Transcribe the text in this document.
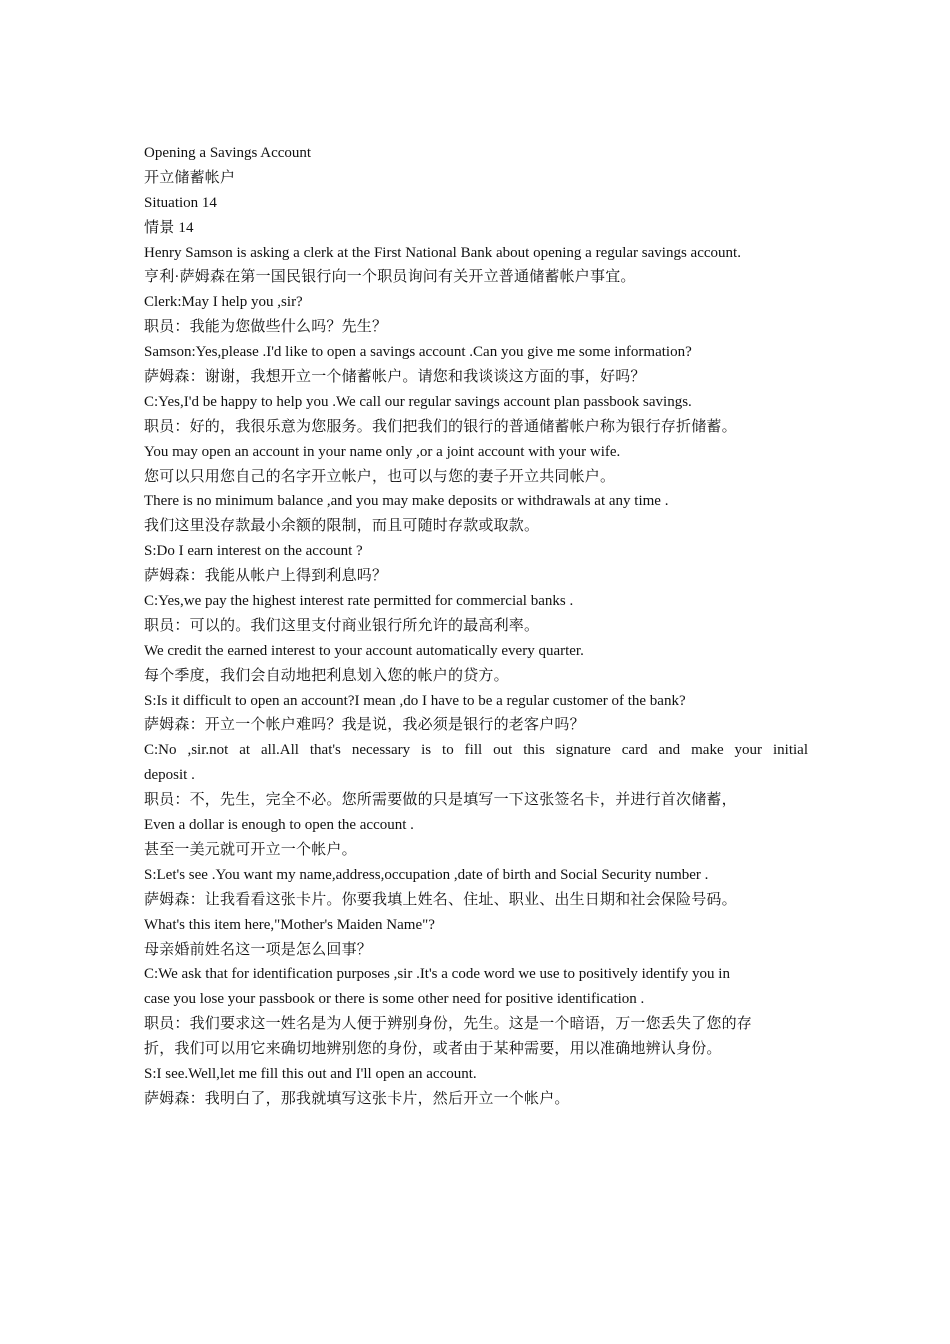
Opening a Savings Account
开立储蓄帐户
Situation 14
情景 14
Henry Samson is asking a clerk at the First National Bank about opening a regular savings account.
亨利·萨姆森在第一国民银行向一个职员询问有关开立普通储蓄帐户事宜。
Clerk:May I help you ,sir?
职员：我能为您做些什么吗？先生？
Samson:Yes,please .I'd like to open a savings account .Can you give me some information?
萨姆森：谢谢，我想开立一个储蓄帐户。请您和我谈谈这方面的事，好吗？
C:Yes,I'd be happy to help you .We call our regular savings account plan passbook savings.
职员：好的，我很乐意为您服务。我们把我们的银行的普通储蓄帐户称为银行存折储蓄。
You may open an account in your name only ,or a joint account with your wife.
您可以只用您自己的名字开立帐户，也可以与您的妻子开立共同帐户。
There is no minimum balance ,and you may make deposits or withdrawals at any time .
我们这里没存款最小余额的限制，而且可随时存款或取款。
S:Do I earn interest on the account ?
萨姆森：我能从帐户上得到利息吗？
C:Yes,we pay the highest interest rate permitted for commercial banks .
职员：可以的。我们这里支付商业银行所允许的最高利率。
We credit the earned interest to your account automatically every quarter.
每个季度，我们会自动地把利息划入您的帐户的贷方。
S:Is it difficult to open an account?I mean ,do I have to be a regular customer of the bank?
萨姆森：开立一个帐户难吗？我是说，我必须是银行的老客户吗？
C:No ,sir.not at all.All that's necessary is to fill out this signature card and make your initial
deposit .
职员：不，先生，完全不必。您所需要做的只是填写一下这张签名卡，并进行首次储蓄，
Even a dollar is enough to open the account .
甚至一美元就可开立一个帐户。
S:Let's see .You want my name,address,occupation ,date of birth and Social Security number .
萨姆森：让我看看这张卡片。你要我填上姓名、住址、职业、出生日期和社会保险号码。
What's this item here,"Mother's Maiden Name"?
母亲婚前姓名这一项是怎么回事？
C:We ask that for identification purposes ,sir .It's a code word we use to positively identify you in
case you lose your passbook or there is some other need for positive identification .
职员：我们要求这一姓名是为人便于辨别身份，先生。这是一个暗语，万一您丢失了您的存
折，我们可以用它来确切地辨别您的身份，或者由于某种需要，用以准确地辨认身份。
S:I see.Well,let me fill this out and I'll open an account.
萨姆森：我明白了，那我就填写这张卡片，然后开立一个帐户。
